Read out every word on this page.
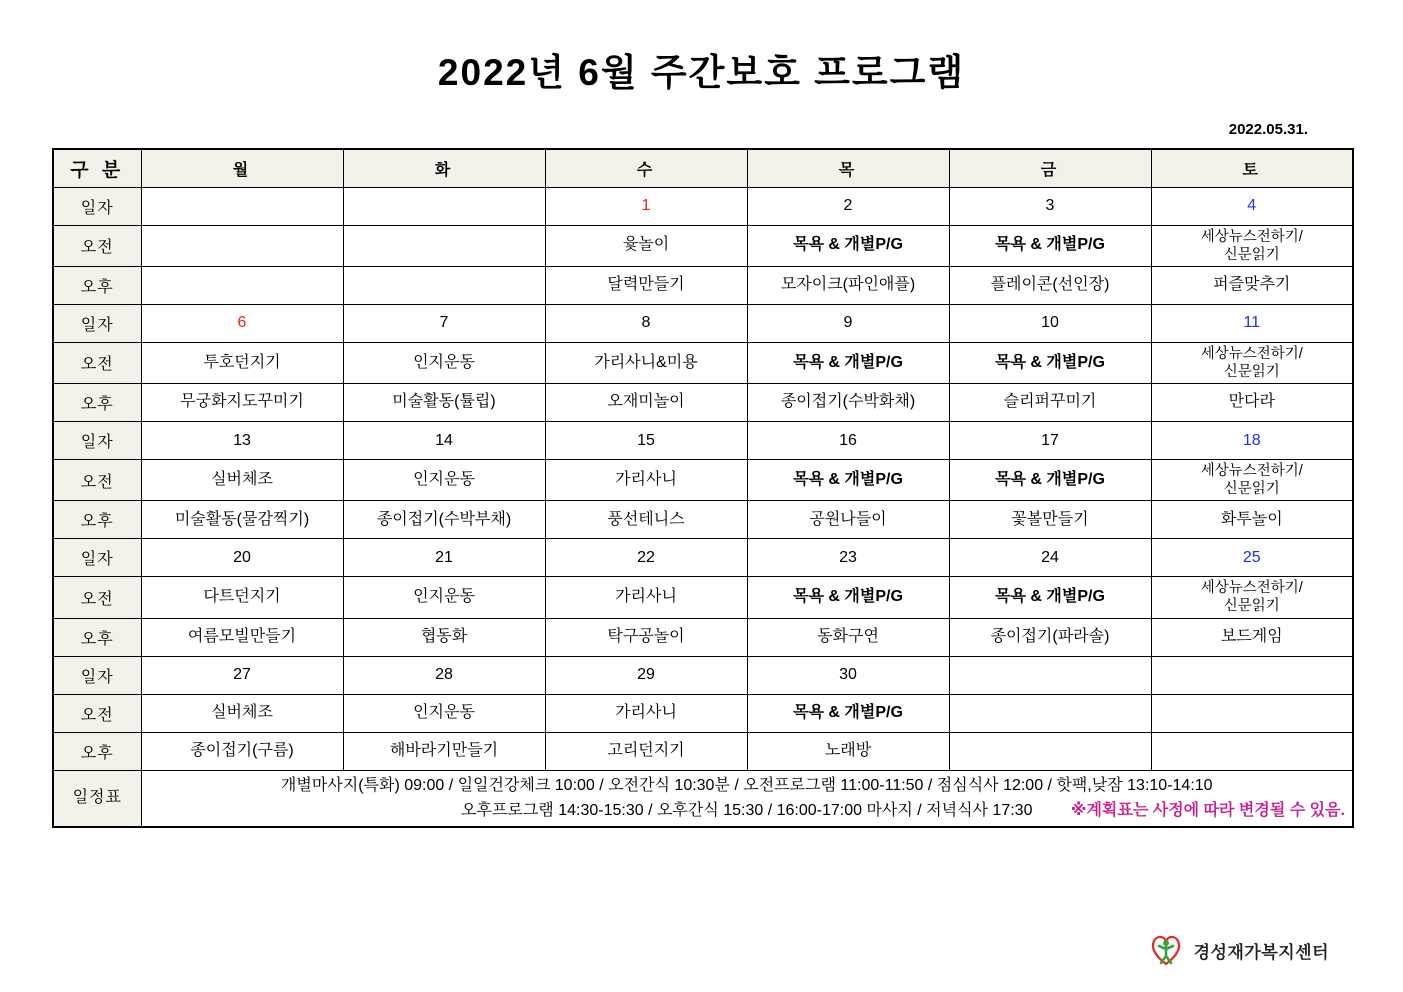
2022년 6월 주간보호 프로그램
2022.05.31.
구 분	월	화	수	목	금	토
일자			1	2	3	4
오전			윷놀이	목욕 & 개별P/G	목욕 & 개별P/G	세상뉴스전하기/
신문읽기
오후			달력만들기	모자이크(파인애플)	플레이콘(선인장)	퍼즐맞추기
일자	6	7	8	9	10	11
오전	투호던지기	인지운동	가리사니&미용	목욕 & 개별P/G	목욕 & 개별P/G	세상뉴스전하기/
신문읽기
오후	무궁화지도꾸미기	미술활동(튤립)	오재미놀이	종이접기(수박화채)	슬리퍼꾸미기	만다라
일자	13	14	15	16	17	18
오전	실버체조	인지운동	가리사니	목욕 & 개별P/G	목욕 & 개별P/G	세상뉴스전하기/
신문읽기
오후	미술활동(물감찍기)	종이접기(수박부채)	풍선테니스	공원나들이	꽃볼만들기	화투놀이
일자	20	21	22	23	24	25
오전	다트던지기	인지운동	가리사니	목욕 & 개별P/G	목욕 & 개별P/G	세상뉴스전하기/
신문읽기
오후	여름모빌만들기	협동화	탁구공놀이	동화구연	종이접기(파라솔)	보드게임
일자	27	28	29	30		
오전	실버체조	인지운동	가리사니	목욕 & 개별P/G		
오후	종이접기(구름)	해바라기만들기	고리던지기	노래방		
일정표	개별마사지(특화) 09:00 / 일일건강체크 10:00 / 오전간식 10:30분 / 오전프로그램 11:00-11:50 / 점심식사 12:00 / 핫팩,낮잠 13:10-14:10
오후프로그램 14:30-15:30 / 오후간식 15:30 / 16:00-17:00 마사지 / 저녁식사 17:30 ※계획표는 사정에 따라 변경될 수 있음.					
경성재가복지센터
